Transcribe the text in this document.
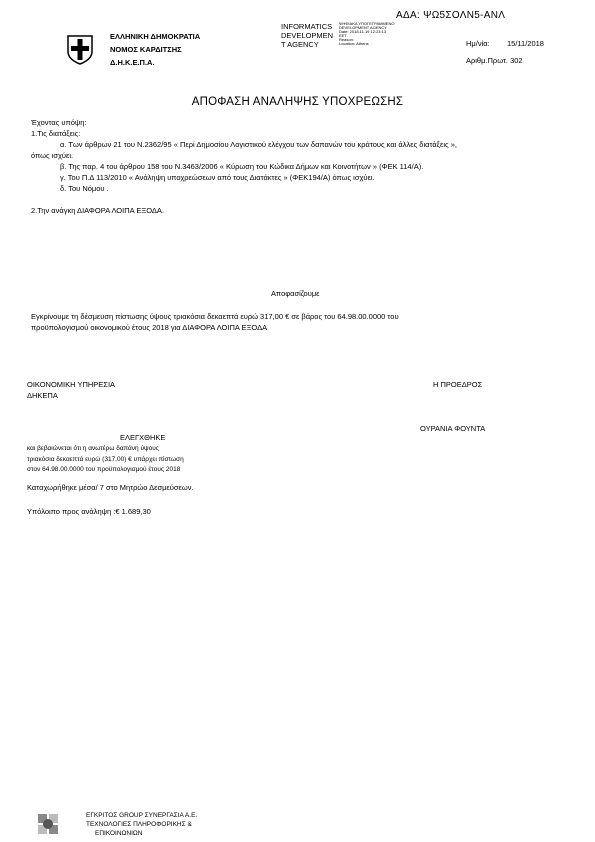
ΕΛΛΗΝΙΚΗ ΔΗΜΟΚΡΑΤΙΑ
ΝΟΜΟΣ ΚΑΡΔΙΤΣΗΣ
Δ.Η.Κ.Ε.Π.Α.
INFORMATICS
DEVELOPMEN
T AGENCY
ΨΗΦΙΑΚΑ ΥΠΟΓΕΓΡΑΜΜΕΝΟ
DEVELOPMENT AGENCY
Date: 2018.11.19 12:23:13
EET
Reason:
Location: Athens
ΑΔΑ: ΨΩ5ΣΟΛΝ5-ΑΝΛ
Ημ/νία: 15/11/2018
Αριθμ.Πρωτ. 302
ΑΠΟΦΑΣΗ ΑΝΑΛΗΨΗΣ ΥΠΟΧΡΕΩΣΗΣ
Έχοντας υπόψη:
1.Τις διατάξεις:
α. Των άρθρων 21 του Ν.2362/95 « Περί Δημοσίου Λογιστικού ελέγχου των δαπανών του κράτους και άλλες διατάξεις »,
όπως ισχύει.
β. Της παρ. 4 του άρθρου 158 του Ν.3463/2006 « Κύρωση του Κώδικα Δήμων και Κοινοτήτων » (ΦΕΚ 114/Α).
γ. Του Π.Δ 113/2010 « Ανάληψη υποχρεώσεων από τους Διατάκτες » (ΦΕΚ194/Α) όπως ισχύει.
δ. Του Νόμου .
2.Την ανάγκη ΔΙΑΦΟΡΑ ΛΟΙΠΑ ΕΞΟΔΑ.
Αποφασίζουμε
Εγκρίνουμε τη δέσμευση πίστωσης ύψους τριακόσια δεκαεπτά ευρώ 317,00 € σε βάρος του 64.98.00.0000 του
προϋπολογισμού οικονομικού έτους 2018 για ΔΙΑΦΟΡΑ ΛΟΙΠΑ ΕΞΟΔΑ
ΟΙΚΟΝΟΜΙΚΗ ΥΠΗΡΕΣΙΑ
ΔΗΚΕΠΑ
Η ΠΡΟΕΔΡΟΣ
ΟΥΡΑΝΙΑ ΦΟΥΝΤΑ
ΕΛΕΓΧΘΗΚΕ
και βεβαιώνεται ότι η ανωτέρω δαπάνη ύψους
τριακόσια δεκαεπτά ευρώ (317,00) € υπάρχει πίστωση
στον 64.98.00.0000 του προϋπολογισμού έτους 2018
Καταχωρήθηκε μέσα/ 7 στο Μητρώο Δεσμεύσεων.
Υπόλοιπο προς ανάληψη :€ 1.689,30
ΕΓΚΡΙΤΟΣ GROUP ΣΥΝΕΡΓΑΣΙΑ Α.Ε.
ΤΕΧΝΟΛΟΓΙΕΣ ΠΛΗΡΟΦΟΡΙΚΗΣ &
ΕΠΙΚΟΙΝΩΝΙΩΝ
